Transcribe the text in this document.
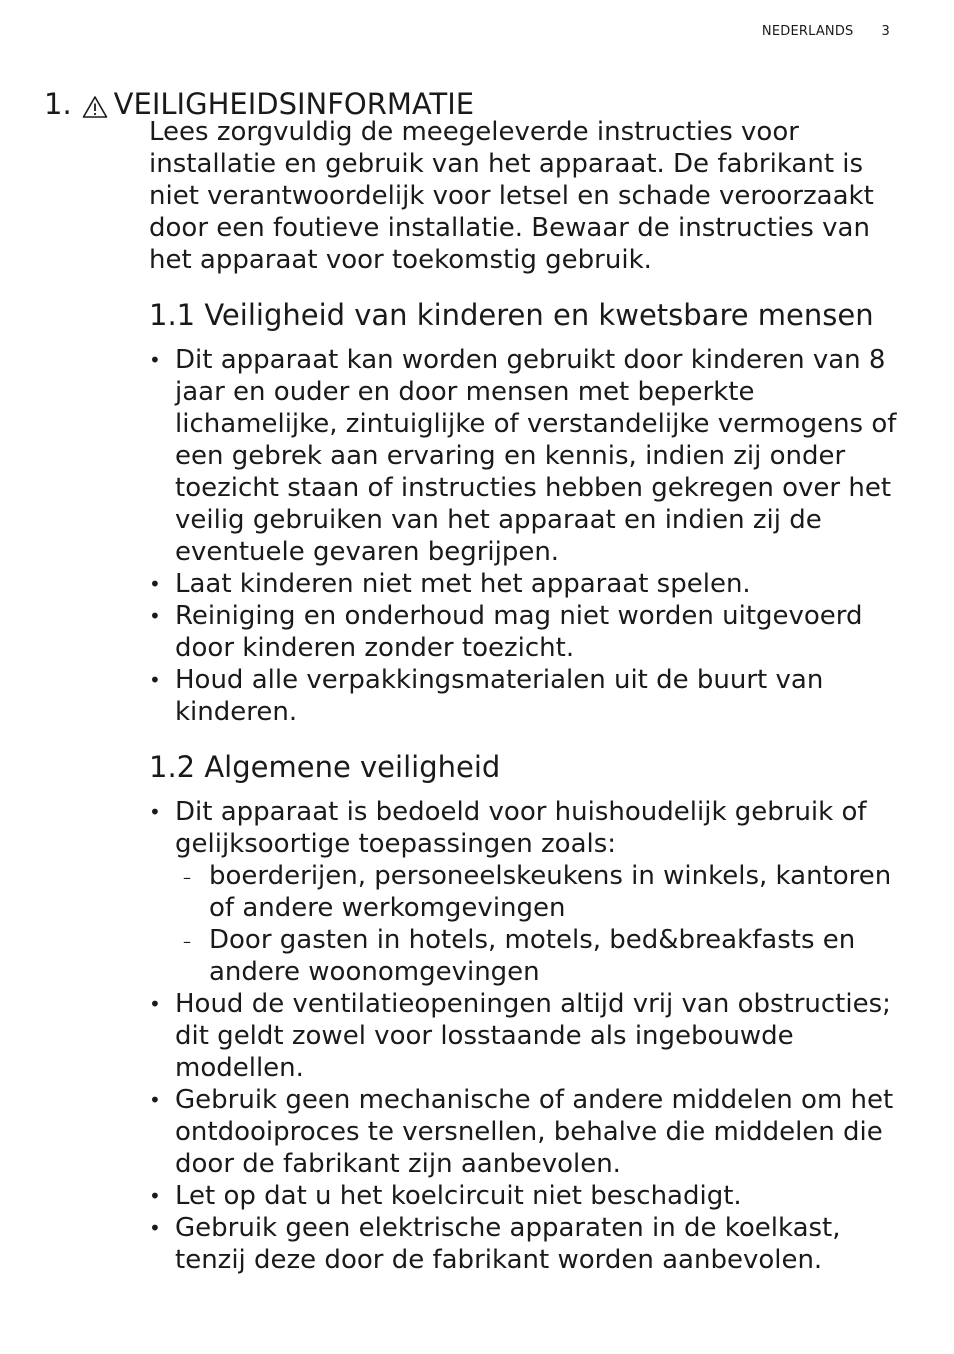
NEDERLANDS 3
1. VEILIGHEIDSINFORMATIE

Lees zorgvuldig de meegeleverde instructies voor installatie en gebruik van het apparaat. De fabrikant is niet verantwoordelijk voor letsel en schade veroorzaakt door een foutieve installatie. Bewaar de instructies van het apparaat voor toekomstig gebruik.

1.1 Veiligheid van kinderen en kwetsbare mensen
• Dit apparaat kan worden gebruikt door kinderen van 8 jaar en ouder en door mensen met beperkte lichamelijke, zintuiglijke of verstandelijke vermogens of een gebrek aan ervaring en kennis, indien zij onder toezicht staan of instructies hebben gekregen over het veilig gebruiken van het apparaat en indien zij de eventuele gevaren begrijpen.
• Laat kinderen niet met het apparaat spelen.
• Reiniging en onderhoud mag niet worden uitgevoerd door kinderen zonder toezicht.
• Houd alle verpakkingsmaterialen uit de buurt van kinderen.
1.2 Algemene veiligheid
• Dit apparaat is bedoeld voor huishoudelijk gebruik of gelijksoortige toepassingen zoals:
– boerderijen, personeelskeukens in winkels, kantoren of andere werkomgevingen
– Door gasten in hotels, motels, bed&breakfasts en andere woonomgevingen
• Houd de ventilatieopeningen altijd vrij van obstructies; dit geldt zowel voor losstaande als ingebouwde modellen.
• Gebruik geen mechanische of andere middelen om het ontdooiproces te versnellen, behalve die middelen die door de fabrikant zijn aanbevolen.
• Let op dat u het koelcircuit niet beschadigt.
• Gebruik geen elektrische apparaten in de koelkast, tenzij deze door de fabrikant worden aanbevolen.
